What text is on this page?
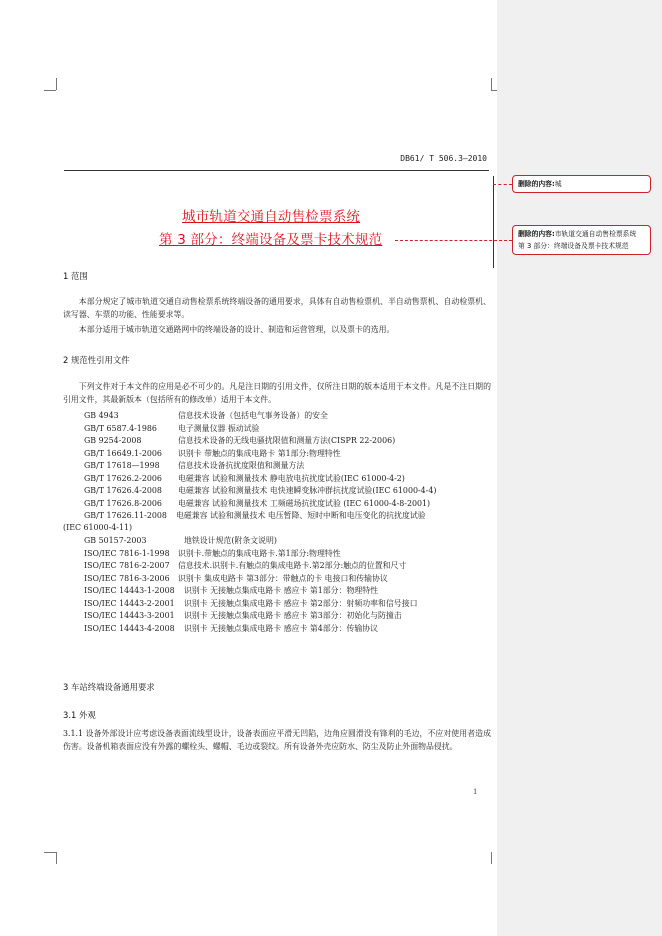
DB61/ T 506.3—2010
城市轨道交通自动售检票系统
第 3 部分：终端设备及票卡技术规范
1 范围
本部分规定了城市轨道交通自动售检票系统终端设备的通用要求，具体有自动售检票机、半自动售票机、自动检票机、读写器、车票的功能、性能要求等。
本部分适用于城市轨道交通路网中的终端设备的设计、制造和运营管理，以及票卡的选用。
2 规范性引用文件
下列文件对于本文件的应用是必不可少的。凡是注日期的引用文件，仅所注日期的版本适用于本文件。凡是不注日期的引用文件，其最新版本（包括所有的修改单）适用于本文件。
GB 4943	信息技术设备（包括电气事务设备）的安全
GB/T 6587.4-1986	电子测量仪器 振动试验
GB 9254-2008	信息技术设备的无线电骚扰限值和测量方法(CISPR 22-2006)
GB/T 16649.1-2006 识别卡 带触点的集成电路卡 第1部分:物理特性
GB/T 17618—1998 信息技术设备抗扰度限值和测量方法
GB/T 17626.2-2006 电磁兼容 试验和测量技术 静电放电抗扰度试验(IEC 61000-4-2)
GB/T 17626.4-2008 电磁兼容 试验和测量技术 电快速瞬变脉冲群抗扰度试验(IEC 61000-4-4)
GB/T 17626.8-2006 电磁兼容 试验和测量技术 工频磁场抗扰度试验 (IEC 61000-4-8-2001)
GB/T 17626.11-2008 电磁兼容 试验和测量技术 电压暂降、短时中断和电压变化的抗扰度试验
(IEC 61000-4-11)
GB 50157-2003	地铁设计规范(附条文说明)
ISO/IEC 7816-1-1998 识别卡.带触点的集成电路卡.第1部分:物理特性
ISO/IEC 7816-2-2007 信息技术.识别卡.有触点的集成电路卡.第2部分:触点的位置和尺寸
ISO/IEC 7816-3-2006 识别卡 集成电路卡 第3部分：带触点的卡 电接口和传输协议
ISO/IEC 14443-1-2008 识别卡 无接触点集成电路卡 感应卡 第1部分：物理特性
ISO/IEC 14443-2-2001 识别卡 无接触点集成电路卡 感应卡 第2部分：射频功率和信号接口
ISO/IEC 14443-3-2001 识别卡 无接触点集成电路卡 感应卡 第3部分：初始化与防撞击
ISO/IEC 14443-4-2008 识别卡 无接触点集成电路卡 感应卡 第4部分：传输协议
3 车站终端设备通用要求
3.1 外观
3.1.1 设备外部设计应考虑设备表面流线型设计，设备表面应平滑无凹陷，边角应圆滑没有锋利的毛边，不应对使用者造成伤害。设备机箱表面应没有外露的螺栓头、螺帽、毛边或裂纹。所有设备外壳应防水、防尘及防止外面物品侵扰。
1
删除的内容:城
删除的内容:市轨道交通自动售检票系统 第 3 部分：终端设备及票卡技术规范
